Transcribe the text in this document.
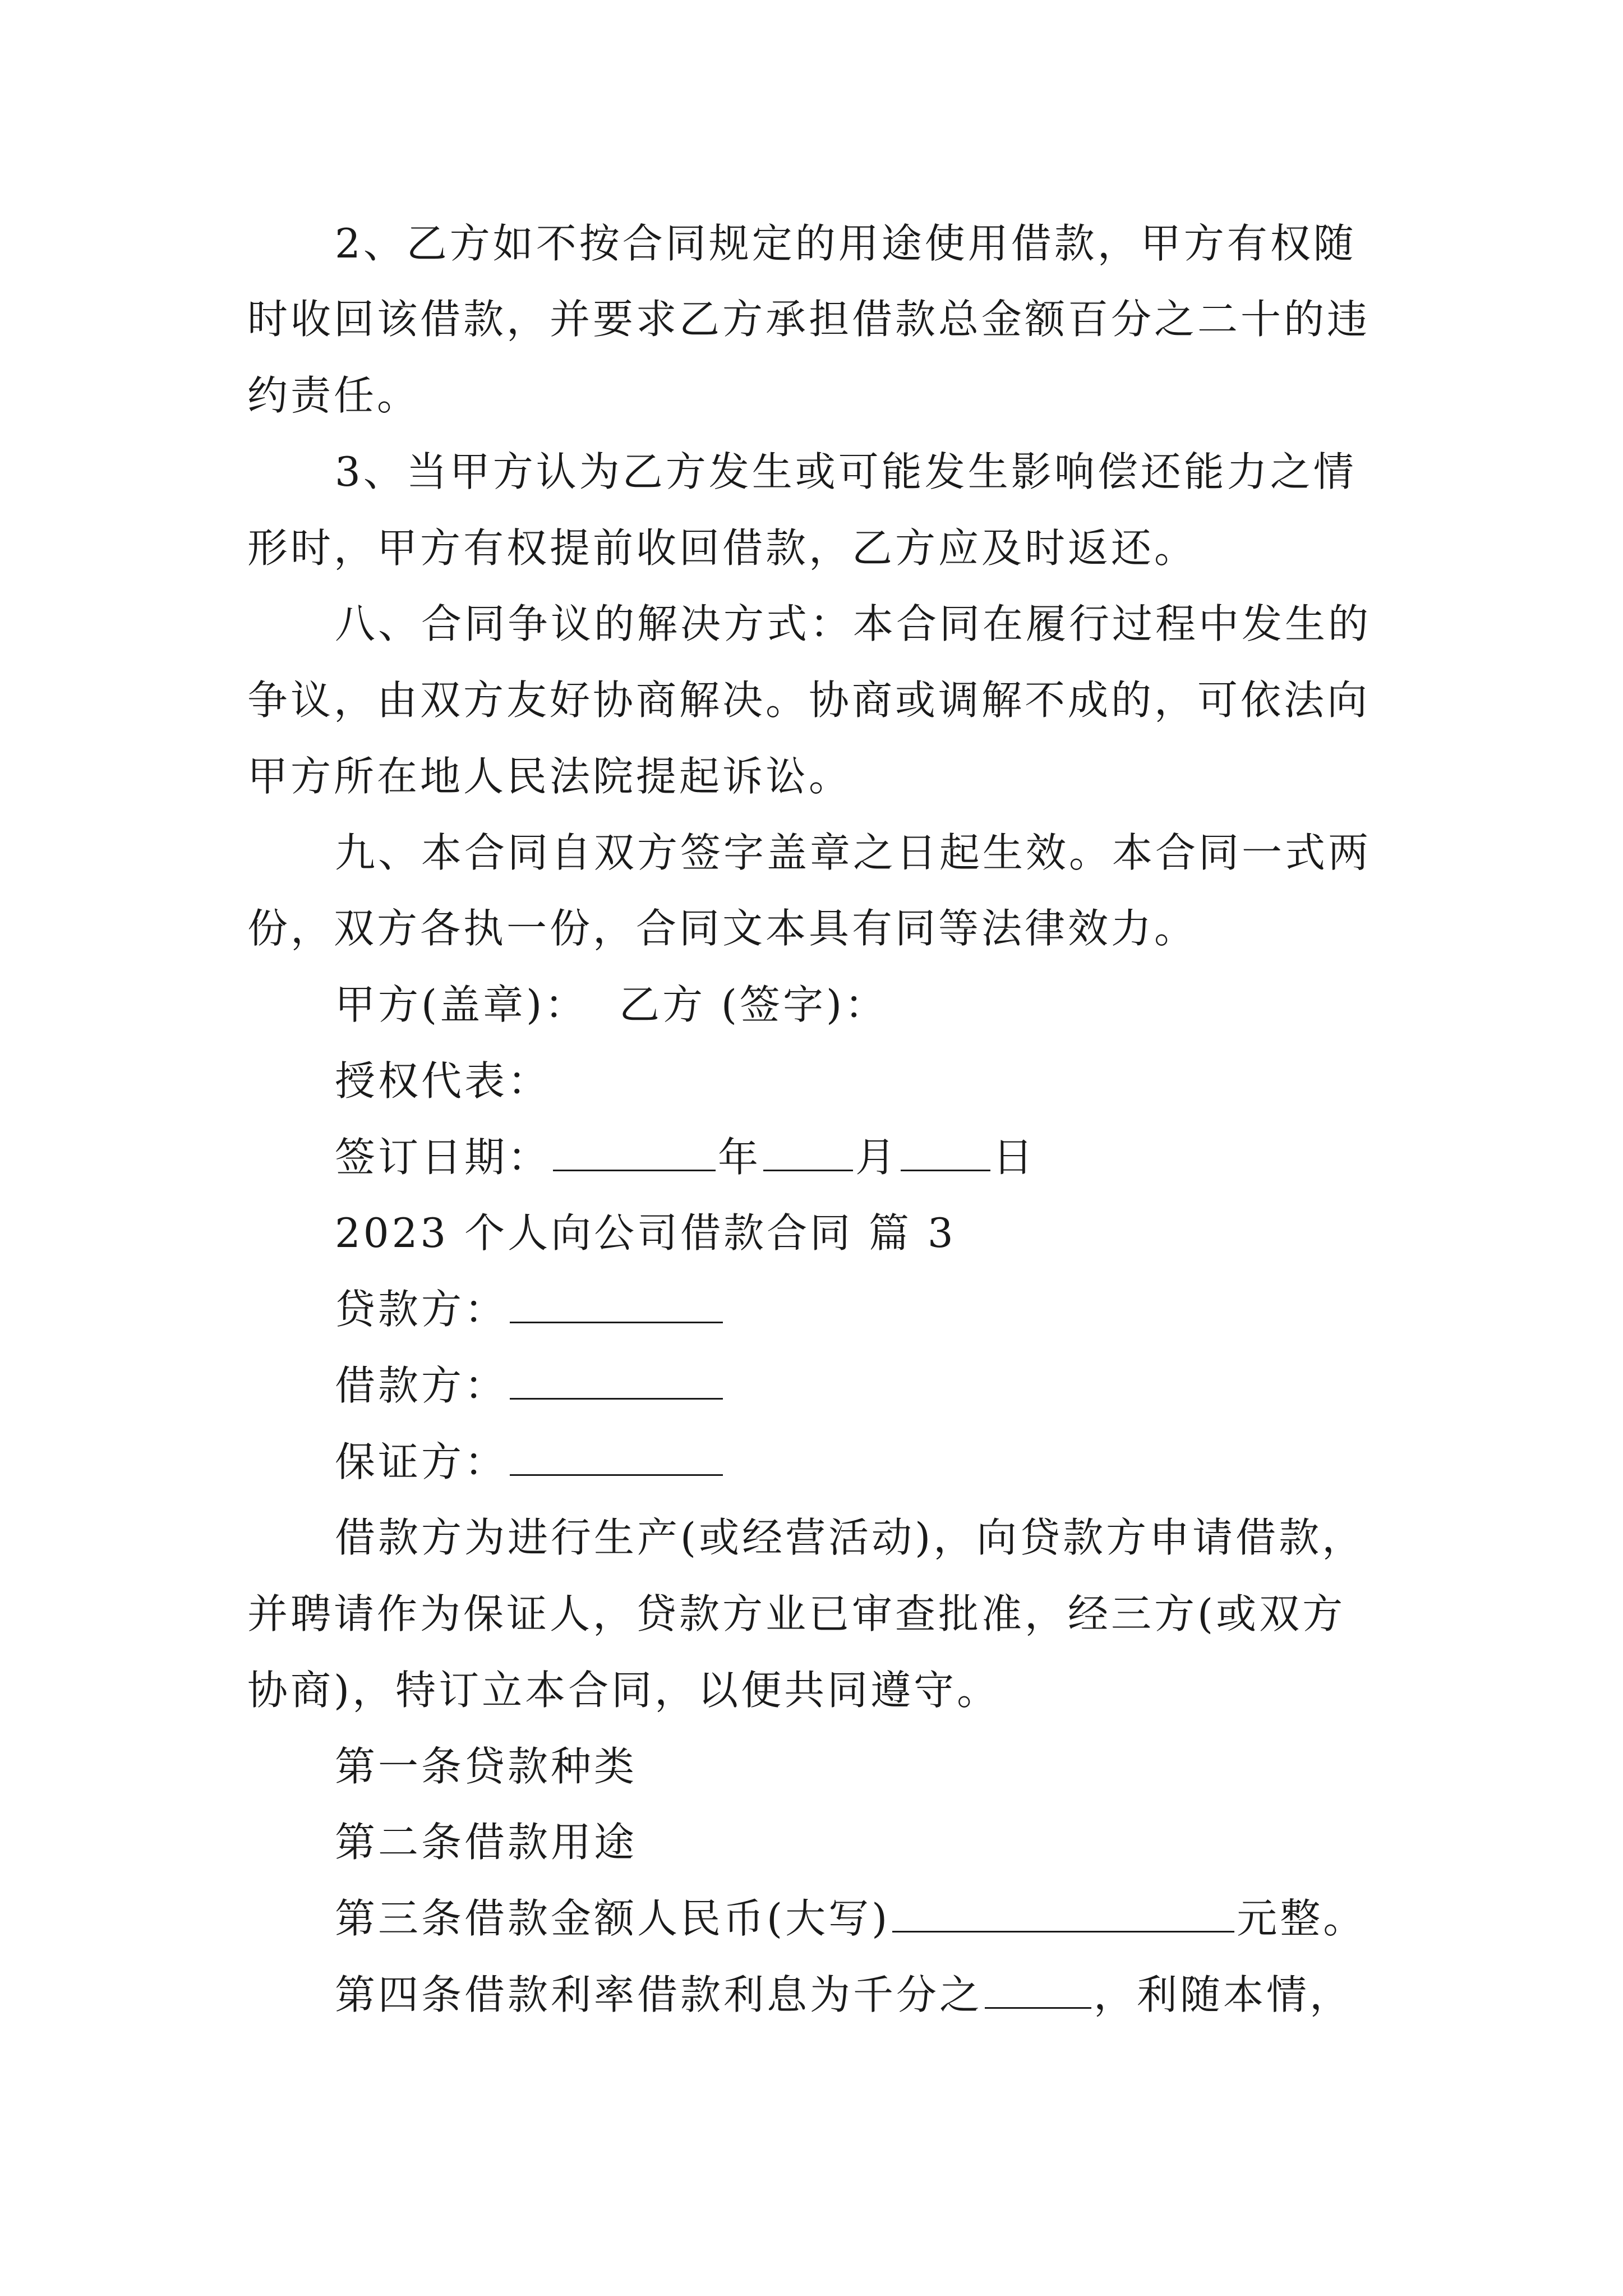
2、乙方如不按合同规定的用途使用借款，甲方有权随
时收回该借款，并要求乙方承担借款总金额百分之二十的违
约责任。
3、当甲方认为乙方发生或可能发生影响偿还能力之情
形时，甲方有权提前收回借款，乙方应及时返还。
八、合同争议的解决方式：本合同在履行过程中发生的
争议，由双方友好协商解决。协商或调解不成的，可依法向
甲方所在地人民法院提起诉讼。
九、本合同自双方签字盖章之日起生效。本合同一式两
份，双方各执一份，合同文本具有同等法律效力。
甲方(盖章)： 乙方 (签字)：
授权代表：
签订日期：	年 月 日
2023 个人向公司借款合同 篇 3
贷款方：
借款方：
保证方：
借款方为进行生产(或经营活动)，向贷款方申请借款，
并聘请作为保证人，贷款方业已审查批准，经三方(或双方
协商)，特订立本合同，以便共同遵守。
第一条贷款种类
第二条借款用途
第三条借款金额人民币(大写)	元整。
第四条借款利率借款利息为千分之	，利随本情，
